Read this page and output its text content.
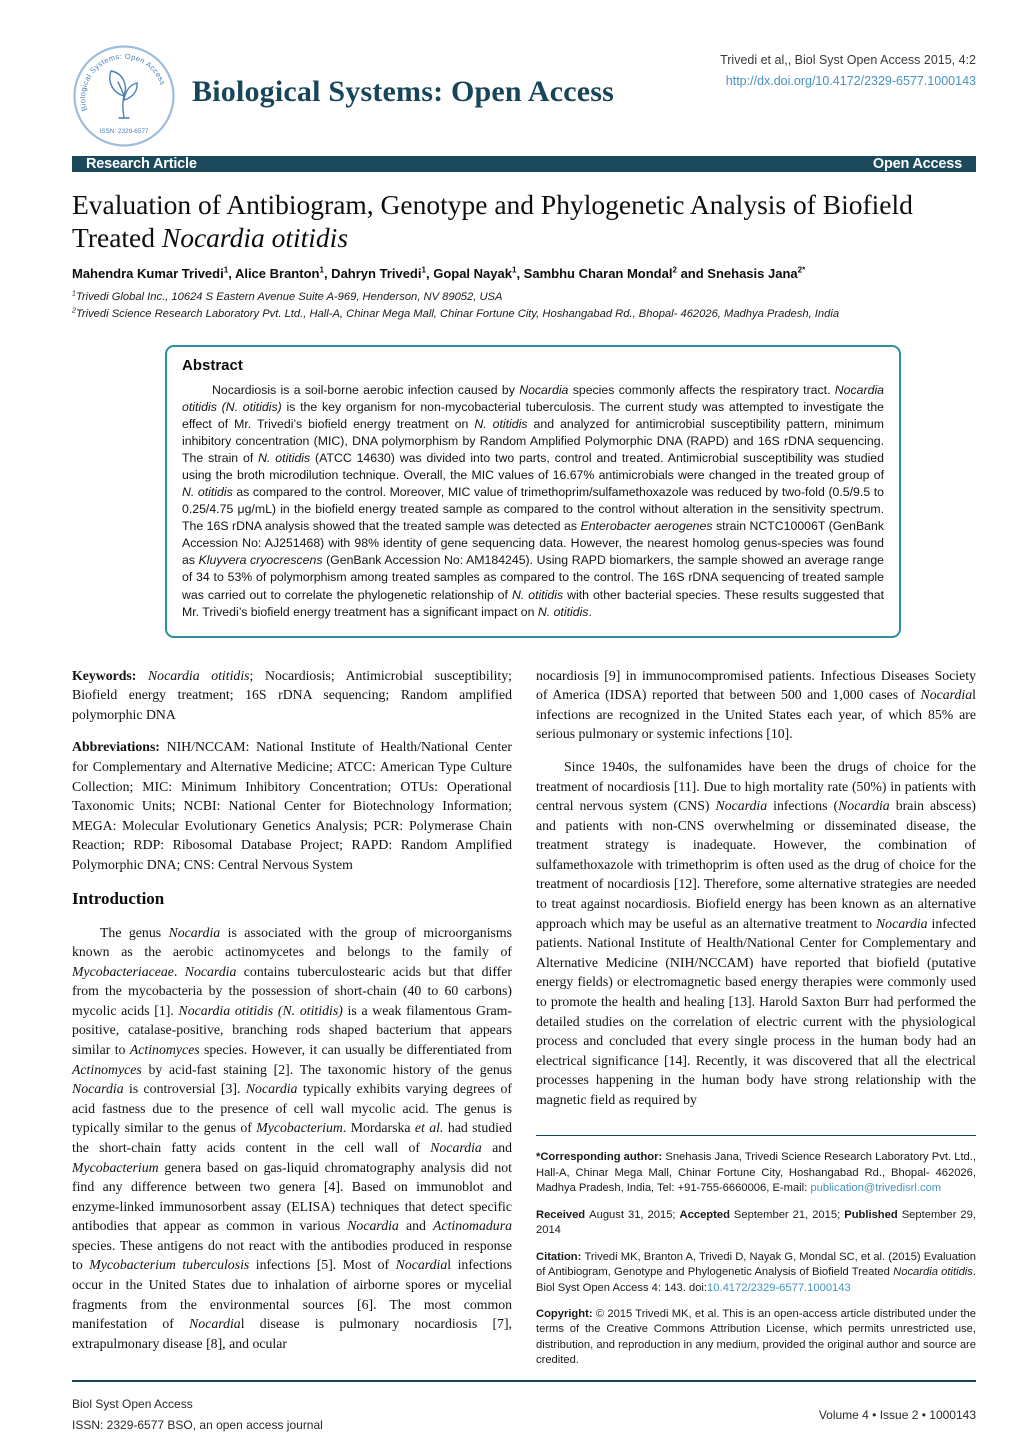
Biological Systems: Open Access
ISSN: 2329-6577
Biological Systems: Open Access
Trivedi et al,, Biol Syst Open Access 2015, 4:2
http://dx.doi.org/10.4172/2329-6577.1000143
Research Article	Open Access
Evaluation of Antibiogram, Genotype and Phylogenetic Analysis of Biofield Treated Nocardia otitidis
Mahendra Kumar Trivedi$^1$, Alice Branton$^1$, Dahryn Trivedi$^1$, Gopal Nayak$^1$, Sambhu Charan Mondal$^2$ and Snehasis Jana$^{2*}$
$^1$Trivedi Global Inc., 10624 S Eastern Avenue Suite A-969, Henderson, NV 89052, USA
$^2$Trivedi Science Research Laboratory Pvt. Ltd., Hall-A, Chinar Mega Mall, Chinar Fortune City, Hoshangabad Rd., Bhopal- 462026, Madhya Pradesh, India
Abstract

Nocardiosis is a soil-borne aerobic infection caused by Nocardia species commonly affects the respiratory tract. Nocardia otitidis (N. otitidis) is the key organism for non-mycobacterial tuberculosis. The current study was attempted to investigate the effect of Mr. Trivedi’s biofield energy treatment on N. otitidis and analyzed for antimicrobial susceptibility pattern, minimum inhibitory concentration (MIC), DNA polymorphism by Random Amplified Polymorphic DNA (RAPD) and 16S rDNA sequencing. The strain of N. otitidis (ATCC 14630) was divided into two parts, control and treated. Antimicrobial susceptibility was studied using the broth microdilution technique. Overall, the MIC values of 16.67% antimicrobials were changed in the treated group of N. otitidis as compared to the control. Moreover, MIC value of trimethoprim/sulfamethoxazole was reduced by two-fold (0.5/9.5 to 0.25/4.75 μg/mL) in the biofield energy treated sample as compared to the control without alteration in the sensitivity spectrum. The 16S rDNA analysis showed that the treated sample was detected as Enterobacter aerogenes strain NCTC10006T (GenBank Accession No: AJ251468) with 98% identity of gene sequencing data. However, the nearest homolog genus-species was found as Kluyvera cryocrescens (GenBank Accession No: AM184245). Using RAPD biomarkers, the sample showed an average range of 34 to 53% of polymorphism among treated samples as compared to the control. The 16S rDNA sequencing of treated sample was carried out to correlate the phylogenetic relationship of N. otitidis with other bacterial species. These results suggested that Mr. Trivedi’s biofield energy treatment has a significant impact on N. otitidis.

Keywords: Nocardia otitidis; Nocardiosis; Antimicrobial susceptibility; Biofield energy treatment; 16S rDNA sequencing; Random amplified polymorphic DNA

Abbreviations: NIH/NCCAM: National Institute of Health/National Center for Complementary and Alternative Medicine; ATCC: American Type Culture Collection; MIC: Minimum Inhibitory Concentration; OTUs: Operational Taxonomic Units; NCBI: National Center for Biotechnology Information; MEGA: Molecular Evolutionary Genetics Analysis; PCR: Polymerase Chain Reaction; RDP: Ribosomal Database Project; RAPD: Random Amplified Polymorphic DNA; CNS: Central Nervous System

Introduction

The genus Nocardia is associated with the group of microorganisms known as the aerobic actinomycetes and belongs to the family of Mycobacteriaceae. Nocardia contains tuberculostearic acids but that differ from the mycobacteria by the possession of short-chain (40 to 60 carbons) mycolic acids [1]. Nocardia otitidis (N. otitidis) is a weak filamentous Gram-positive, catalase-positive, branching rods shaped bacterium that appears similar to Actinomyces species. However, it can usually be differentiated from Actinomyces by acid-fast staining [2]. The taxonomic history of the genus Nocardia is controversial [3]. Nocardia typically exhibits varying degrees of acid fastness due to the presence of cell wall mycolic acid. The genus is typically similar to the genus of Mycobacterium. Mordarska et al. had studied the short-chain fatty acids content in the cell wall of Nocardia and Mycobacterium genera based on gas-liquid chromatography analysis did not find any difference between two genera [4]. Based on immunoblot and enzyme-linked immunosorbent assay (ELISA) techniques that detect specific antibodies that appear as common in various Nocardia and Actinomadura species. These antigens do not react with the antibodies produced in response to Mycobacterium tuberculosis infections [5]. Most of Nocardial infections occur in the United States due to inhalation of airborne spores or mycelial fragments from the environmental sources [6]. The most common manifestation of Nocardial disease is pulmonary nocardiosis [7], extrapulmonary disease [8], and ocular

nocardiosis [9] in immunocompromised patients. Infectious Diseases Society of America (IDSA) reported that between 500 and 1,000 cases of Nocardial infections are recognized in the United States each year, of which 85% are serious pulmonary or systemic infections [10].

Since 1940s, the sulfonamides have been the drugs of choice for the treatment of nocardiosis [11]. Due to high mortality rate (50%) in patients with central nervous system (CNS) Nocardia infections (Nocardia brain abscess) and patients with non-CNS overwhelming or disseminated disease, the treatment strategy is inadequate. However, the combination of sulfamethoxazole with trimethoprim is often used as the drug of choice for the treatment of nocardiosis [12]. Therefore, some alternative strategies are needed to treat against nocardiosis. Biofield energy has been known as an alternative approach which may be useful as an alternative treatment to Nocardia infected patients. National Institute of Health/National Center for Complementary and Alternative Medicine (NIH/NCCAM) have reported that biofield (putative energy fields) or electromagnetic based energy therapies were commonly used to promote the health and healing [13]. Harold Saxton Burr had performed the detailed studies on the correlation of electric current with the physiological process and concluded that every single process in the human body had an electrical significance [14]. Recently, it was discovered that all the electrical processes happening in the human body have strong relationship with the magnetic field as required by

*Corresponding author: Snehasis Jana, Trivedi Science Research Laboratory Pvt. Ltd., Hall-A, Chinar Mega Mall, Chinar Fortune City, Hoshangabad Rd., Bhopal- 462026, Madhya Pradesh, India, Tel: +91-755-6660006, E-mail: publication@trivedisrl.com

Received August 31, 2015; Accepted September 21, 2015; Published September 29, 2014

Citation: Trivedi MK, Branton A, Trivedi D, Nayak G, Mondal SC, et al. (2015) Evaluation of Antibiogram, Genotype and Phylogenetic Analysis of Biofield Treated Nocardia otitidis. Biol Syst Open Access 4: 143. doi:10.4172/2329-6577.1000143

Copyright: © 2015 Trivedi MK, et al. This is an open-access article distributed under the terms of the Creative Commons Attribution License, which permits unrestricted use, distribution, and reproduction in any medium, provided the original author and source are credited.

Biol Syst Open Access
ISSN: 2329-6577 BSO, an open access journal
Volume 4 • Issue 2 • 1000143
